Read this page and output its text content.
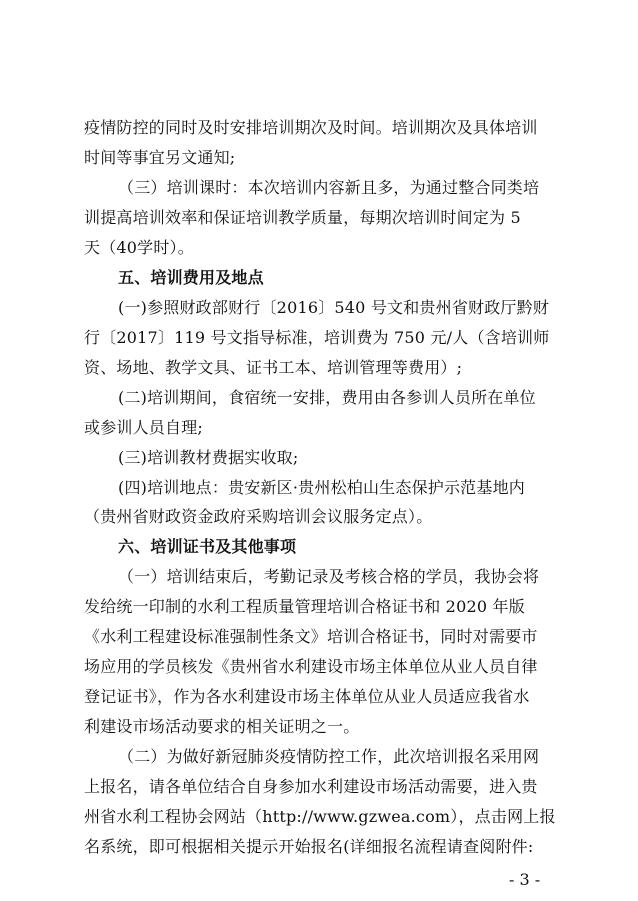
疫情防控的同时及时安排培训期次及时间。培训期次及具体培训
时间等事宜另文通知;
（三）培训课时：本次培训内容新且多，为通过整合同类培
训提高培训效率和保证培训教学质量，每期次培训时间定为 5
天（40学时）。
五、培训费用及地点
(一)参照财政部财行〔2016〕540 号文和贵州省财政厅黔财
行〔2017〕119 号文指导标准，培训费为 750 元/人（含培训师
资、场地、教学文具、证书工本、培训管理等费用）;
(二)培训期间，食宿统一安排，费用由各参训人员所在单位
或参训人员自理;
(三)培训教材费据实收取;
(四)培训地点：贵安新区·贵州松柏山生态保护示范基地内
（贵州省财政资金政府采购培训会议服务定点）。
六、培训证书及其他事项
（一）培训结束后，考勤记录及考核合格的学员，我协会将
发给统一印制的水利工程质量管理培训合格证书和 2020 年版
《水利工程建设标准强制性条文》培训合格证书，同时对需要市
场应用的学员核发《贵州省水利建设市场主体单位从业人员自律
登记证书》，作为各水利建设市场主体单位从业人员适应我省水
利建设市场活动要求的相关证明之一。
（二）为做好新冠肺炎疫情防控工作，此次培训报名采用网
上报名，请各单位结合自身参加水利建设市场活动需要，进入贵
州省水利工程协会网站（http://www.gzwea.com），点击网上报
名系统，即可根据相关提示开始报名(详细报名流程请查阅附件:
- 3 -
